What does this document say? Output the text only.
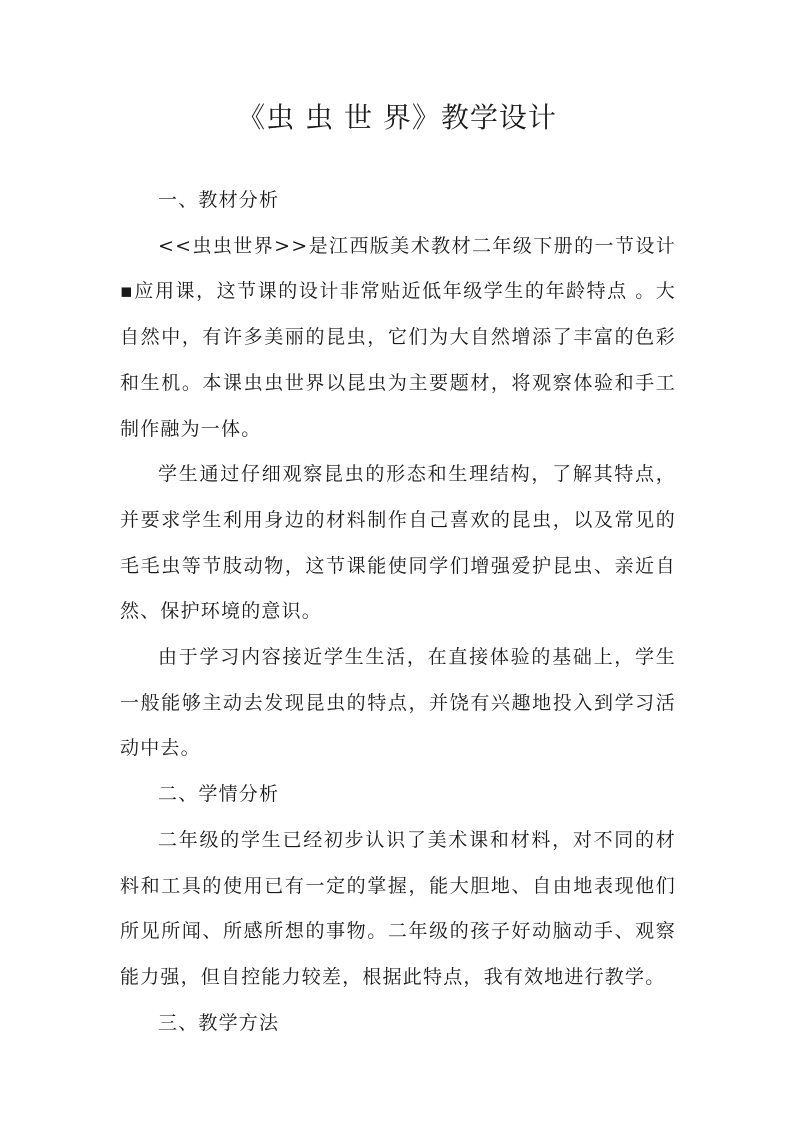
《虫 虫 世 界》教学设计

一、教材分析

<<虫虫世界>>是江西版美术教材二年级下册的一节设计▪应用课，这节课的设计非常贴近低年级学生的年龄特点 。大自然中，有许多美丽的昆虫，它们为大自然增添了丰富的色彩和生机。本课虫虫世界以昆虫为主要题材，将观察体验和手工制作融为一体。

学生通过仔细观察昆虫的形态和生理结构，了解其特点，并要求学生利用身边的材料制作自己喜欢的昆虫，以及常见的毛毛虫等节肢动物，这节课能使同学们增强爱护昆虫、亲近自然、保护环境的意识。

由于学习内容接近学生生活，在直接体验的基础上，学生一般能够主动去发现昆虫的特点，并饶有兴趣地投入到学习活动中去。

二、学情分析

二年级的学生已经初步认识了美术课和材料，对不同的材料和工具的使用已有一定的掌握，能大胆地、自由地表现他们所见所闻、所感所想的事物。二年级的孩子好动脑动手、观察能力强，但自控能力较差，根据此特点，我有效地进行教学。

三、教学方法
